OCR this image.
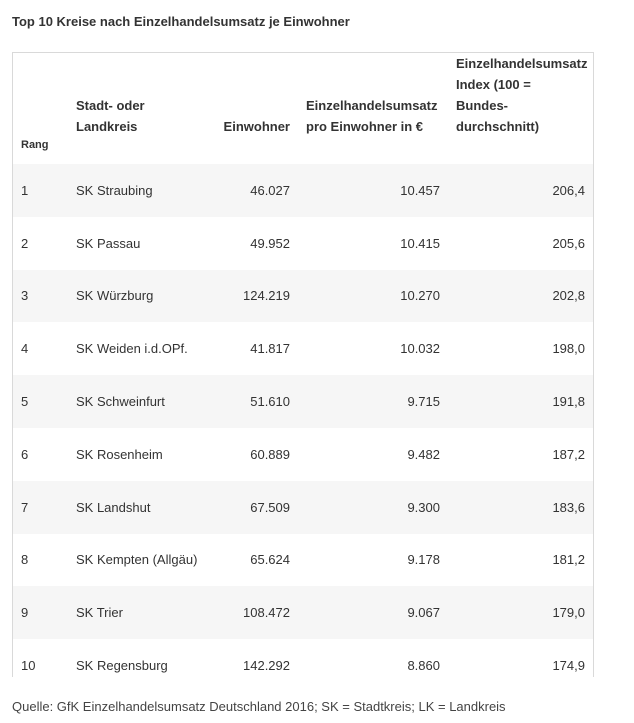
Top 10 Kreise nach Einzelhandelsumsatz je Einwohner
Rang	Stadt- oder Landkreis	Einwohner	Einzelhandelsumsatz pro Einwohner in €	Einzelhandelsumsatz Index (100 = Bundes-durchschnitt)
1	SK Straubing	46.027	10.457	206,4
2	SK Passau	49.952	10.415	205,6
3	SK Würzburg	124.219	10.270	202,8
4	SK Weiden i.d.OPf.	41.817	10.032	198,0
5	SK Schweinfurt	51.610	9.715	191,8
6	SK Rosenheim	60.889	9.482	187,2
7	SK Landshut	67.509	9.300	183,6
8	SK Kempten (Allgäu)	65.624	9.178	181,2
9	SK Trier	108.472	9.067	179,0
10	SK Regensburg	142.292	8.860	174,9
Quelle: GfK Einzelhandelsumsatz Deutschland 2016; SK = Stadtkreis; LK = Landkreis
